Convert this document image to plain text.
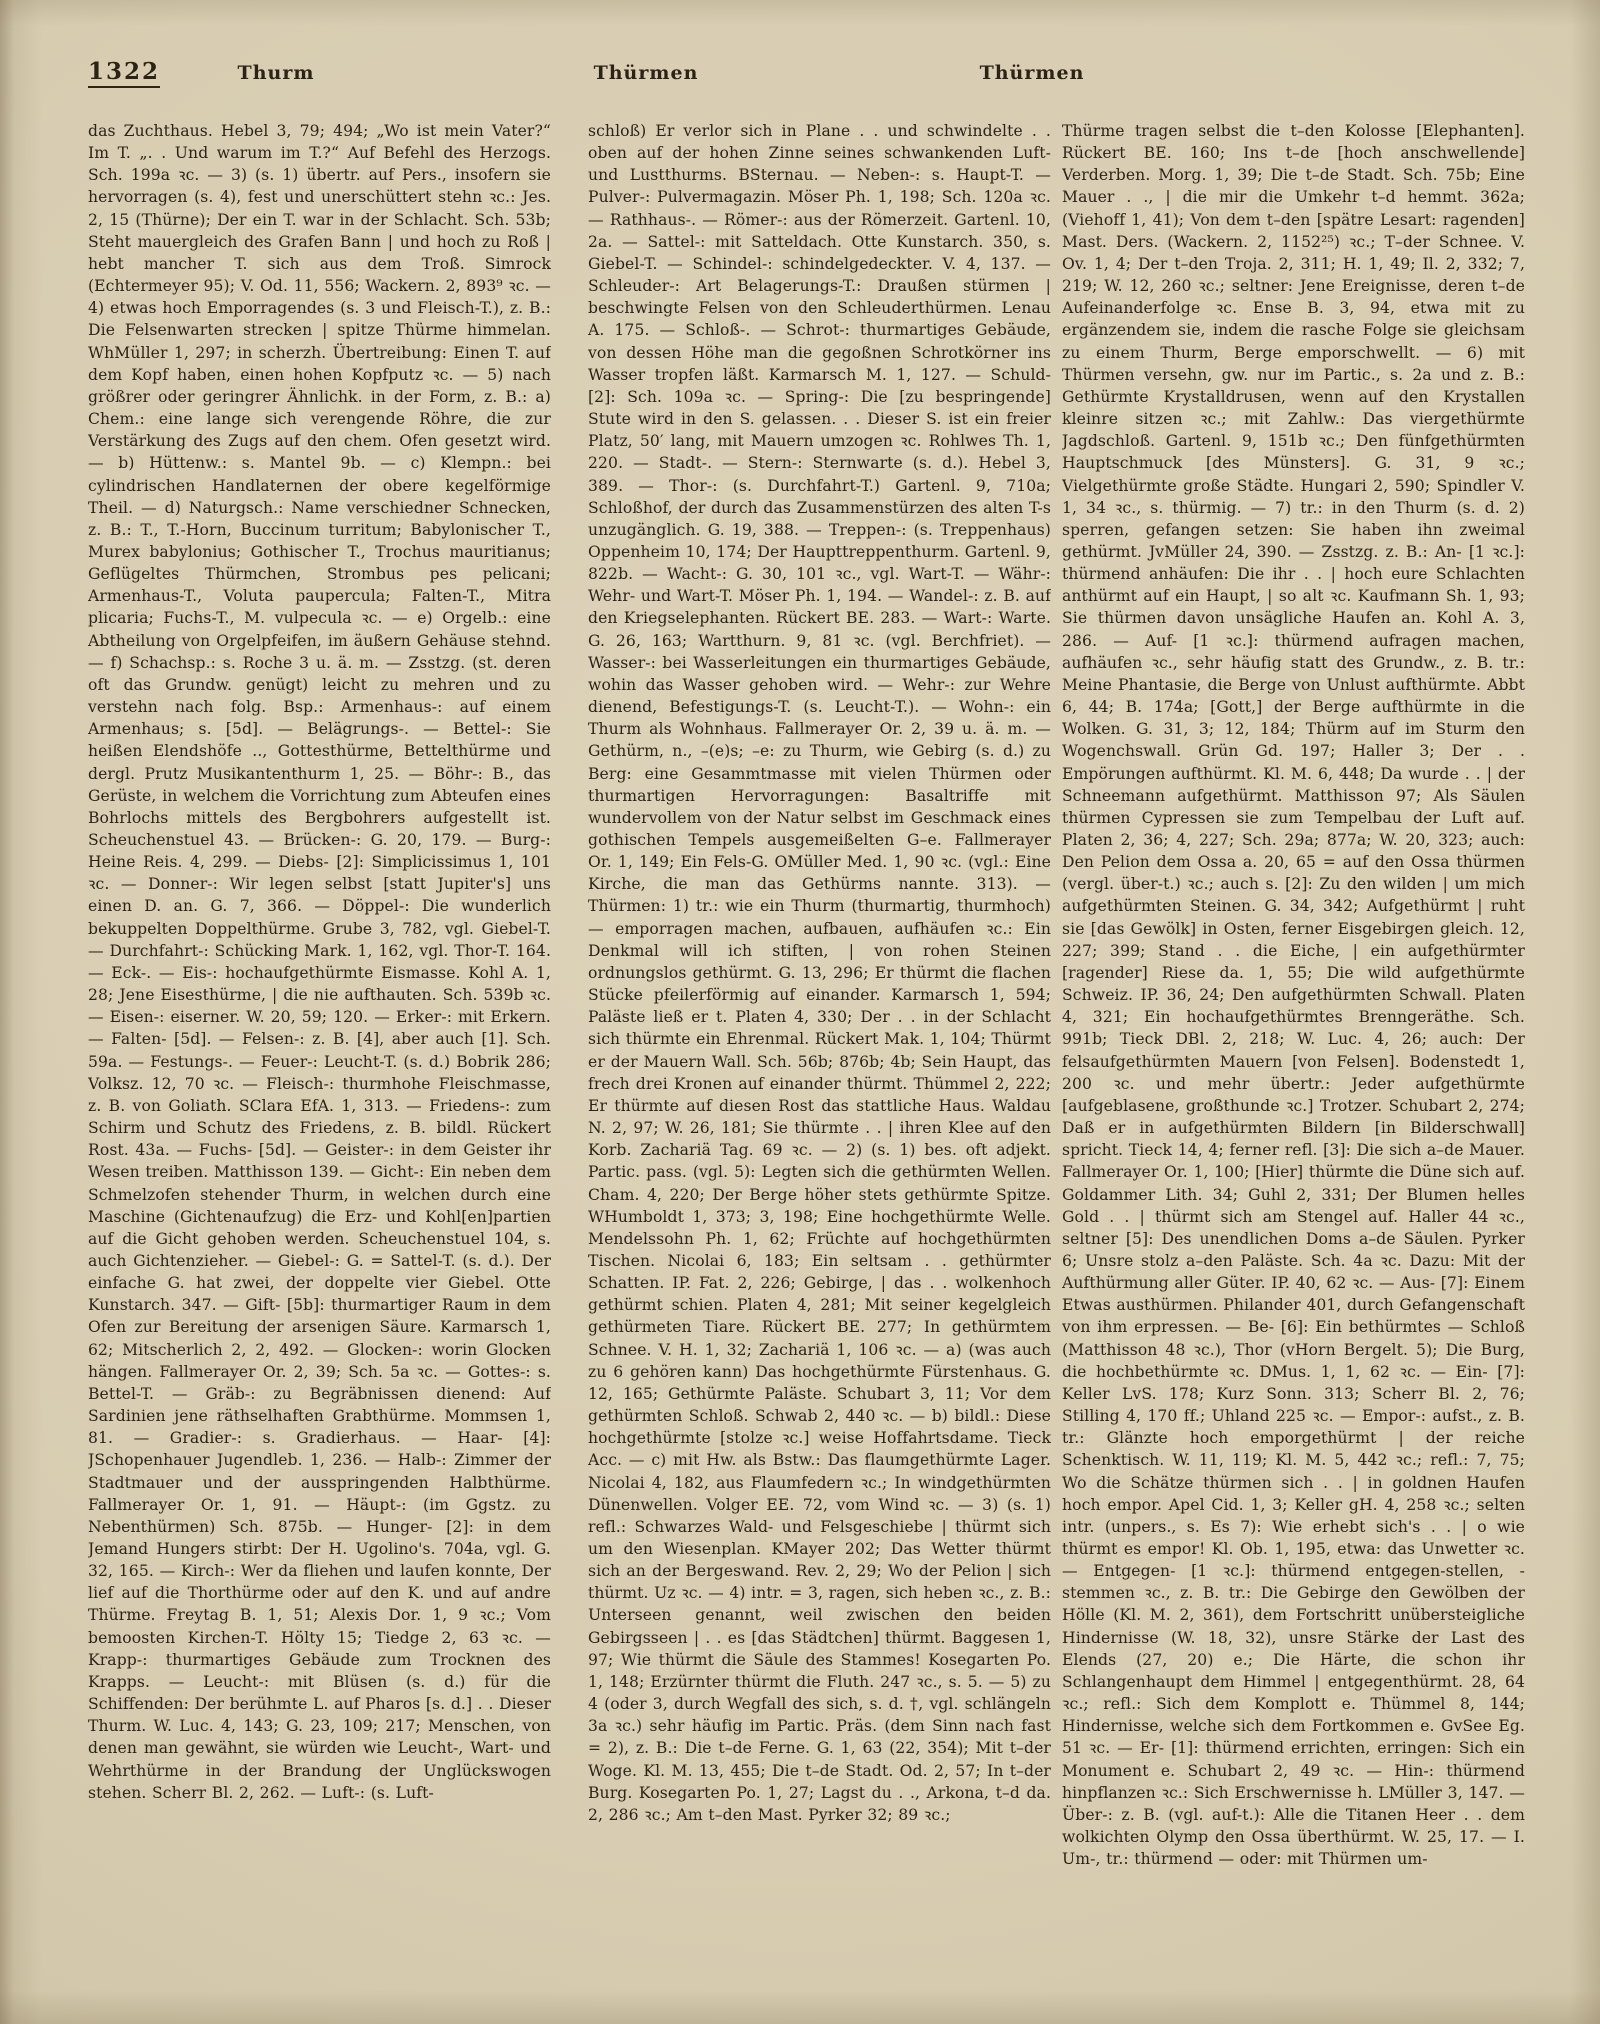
1322	Thurm	Thürmen	Thürmen
das Zuchthaus. Hebel 3, 79; 494; „Wo ist mein Vater?“ Im T. „. . Und warum im T.?“ Auf Befehl des Herzogs. Sch. 199a ꝛc. — 3) (s. 1) übertr. auf Pers., insofern sie hervorragen (s. 4), fest und unerschüttert stehn ꝛc.: Jes. 2, 15 (Thürne); Der ein T. war in der Schlacht. Sch. 53b; Steht mauergleich des Grafen Bann | und hoch zu Roß | hebt mancher T. sich aus dem Troß. Simrock (Echtermeyer 95); V. Od. 11, 556; Wackern. 2, 893⁹ ꝛc. — 4) etwas hoch Emporragendes (s. 3 und Fleisch-T.), z. B.: Die Felsenwarten strecken | spitze Thürme himmelan. WhMüller 1, 297; in scherzh. Übertreibung: Einen T. auf dem Kopf haben, einen hohen Kopfputz ꝛc. — 5) nach größrer oder geringrer Ähnlichk. in der Form, z. B.: a) Chem.: eine lange sich verengende Röhre, die zur Verstärkung des Zugs auf den chem. Ofen gesetzt wird. — b) Hüttenw.: s. Mantel 9b. — c) Klempn.: bei cylindrischen Handlaternen der obere kegelförmige Theil. — d) Naturgsch.: Name verschiedner Schnecken, z. B.: T., T.-Horn, Buccinum turritum; Babylonischer T., Murex babylonius; Gothischer T., Trochus mauritianus; Geflügeltes Thürmchen, Strombus pes pelicani; Armenhaus-T., Voluta paupercula; Falten-T., Mitra plicaria; Fuchs-T., M. vulpecula ꝛc. — e) Orgelb.: eine Abtheilung von Orgelpfeifen, im äußern Gehäuse stehnd. — f) Schachsp.: s. Roche 3 u. ä. m. — Zsstzg. (st. deren oft das Grundw. genügt) leicht zu mehren und zu verstehn nach folg. Bsp.: Armenhaus-: auf einem Armenhaus; s. [5d]. — Belägrungs-. — Bettel-: Sie heißen Elendshöfe .., Gottesthürme, Bettelthürme und dergl. Prutz Musikantenthurm 1, 25. — Böhr-: B., das Gerüste, in welchem die Vorrichtung zum Abteufen eines Bohrlochs mittels des Bergbohrers aufgestellt ist. Scheuchenstuel 43. — Brücken-: G. 20, 179. — Burg-: Heine Reis. 4, 299. — Diebs- [2]: Simplicissimus 1, 101 ꝛc. — Donner-: Wir legen selbst [statt Jupiter's] uns einen D. an. G. 7, 366. — Döppel-: Die wunderlich bekuppelten Doppelthürme. Grube 3, 782, vgl. Giebel-T. — Durchfahrt-: Schücking Mark. 1, 162, vgl. Thor-T. 164. — Eck-. — Eis-: hochaufgethürmte Eismasse. Kohl A. 1, 28; Jene Eisesthürme, | die nie aufthauten. Sch. 539b ꝛc. — Eisen-: eiserner. W. 20, 59; 120. — Erker-: mit Erkern. — Falten- [5d]. — Felsen-: z. B. [4], aber auch [1]. Sch. 59a. — Festungs-. — Feuer-: Leucht-T. (s. d.) Bobrik 286; Volksz. 12, 70 ꝛc. — Fleisch-: thurmhohe Fleischmasse, z. B. von Goliath. SClara EfA. 1, 313. — Friedens-: zum Schirm und Schutz des Friedens, z. B. bildl. Rückert Rost. 43a. — Fuchs- [5d]. — Geister-: in dem Geister ihr Wesen treiben. Matthisson 139. — Gicht-: Ein neben dem Schmelzofen stehender Thurm, in welchen durch eine Maschine (Gichtenaufzug) die Erz- und Kohl[en]partien auf die Gicht gehoben werden. Scheuchenstuel 104, s. auch Gichtenzieher. — Giebel-: G. = Sattel-T. (s. d.). Der einfache G. hat zwei, der doppelte vier Giebel. Otte Kunstarch. 347. — Gift- [5b]: thurmartiger Raum in dem Ofen zur Bereitung der arsenigen Säure. Karmarsch 1, 62; Mitscherlich 2, 2, 492. — Glocken-: worin Glocken hängen. Fallmerayer Or. 2, 39; Sch. 5a ꝛc. — Gottes-: s. Bettel-T. — Gräb-: zu Begräbnissen dienend: Auf Sardinien jene räthselhaften Grabthürme. Mommsen 1, 81. — Gradier-: s. Gradierhaus. — Haar- [4]: JSchopenhauer Jugendleb. 1, 236. — Halb-: Zimmer der Stadtmauer und der ausspringenden Halbthürme. Fallmerayer Or. 1, 91. — Häupt-: (im Ggstz. zu Nebenthürmen) Sch. 875b. — Hunger- [2]: in dem Jemand Hungers stirbt: Der H. Ugolino's. 704a, vgl. G. 32, 165. — Kirch-: Wer da fliehen und laufen konnte, Der lief auf die Thorthürme oder auf den K. und auf andre Thürme. Freytag B. 1, 51; Alexis Dor. 1, 9 ꝛc.; Vom bemoosten Kirchen-T. Hölty 15; Tiedge 2, 63 ꝛc. — Krapp-: thurmartiges Gebäude zum Trocknen des Krapps. — Leucht-: mit Blüsen (s. d.) für die Schiffenden: Der berühmte L. auf Pharos [s. d.] . . Dieser Thurm. W. Luc. 4, 143; G. 23, 109; 217; Menschen, von denen man gewähnt, sie würden wie Leucht-, Wart- und Wehrthürme in der Brandung der Unglückswogen stehen. Scherr Bl. 2, 262. — Luft-: (s. Luft-
schloß) Er verlor sich in Plane . . und schwindelte . . oben auf der hohen Zinne seines schwankenden Luft- und Lustthurms. BSternau. — Neben-: s. Haupt-T. — Pulver-: Pulvermagazin. Möser Ph. 1, 198; Sch. 120a ꝛc. — Rathhaus-. — Römer-: aus der Römerzeit. Gartenl. 10, 2a. — Sattel-: mit Satteldach. Otte Kunstarch. 350, s. Giebel-T. — Schindel-: schindelgedeckter. V. 4, 137. — Schleuder-: Art Belagerungs-T.: Draußen stürmen | beschwingte Felsen von den Schleuderthürmen. Lenau A. 175. — Schloß-. — Schrot-: thurmartiges Gebäude, von dessen Höhe man die gegoßnen Schrotkörner ins Wasser tropfen läßt. Karmarsch M. 1, 127. — Schuld- [2]: Sch. 109a ꝛc. — Spring-: Die [zu bespringende] Stute wird in den S. gelassen. . . Dieser S. ist ein freier Platz, 50′ lang, mit Mauern umzogen ꝛc. Rohlwes Th. 1, 220. — Stadt-. — Stern-: Sternwarte (s. d.). Hebel 3, 389. — Thor-: (s. Durchfahrt-T.) Gartenl. 9, 710a; Schloßhof, der durch das Zusammenstürzen des alten T-s unzugänglich. G. 19, 388. — Treppen-: (s. Treppenhaus) Oppenheim 10, 174; Der Haupttreppenthurm. Gartenl. 9, 822b. — Wacht-: G. 30, 101 ꝛc., vgl. Wart-T. — Währ-: Wehr- und Wart-T. Möser Ph. 1, 194. — Wandel-: z. B. auf den Kriegselephanten. Rückert BE. 283. — Wart-: Warte. G. 26, 163; Wartthurn. 9, 81 ꝛc. (vgl. Berchfriet). — Wasser-: bei Wasserleitungen ein thurmartiges Gebäude, wohin das Wasser gehoben wird. — Wehr-: zur Wehre dienend, Befestigungs-T. (s. Leucht-T.). — Wohn-: ein Thurm als Wohnhaus. Fallmerayer Or. 2, 39 u. ä. m. — Gethürm, n., –(e)s; –e: zu Thurm, wie Gebirg (s. d.) zu Berg: eine Gesammtmasse mit vielen Thürmen oder thurmartigen Hervorragungen: Basaltriffe mit wundervollem von der Natur selbst im Geschmack eines gothischen Tempels ausgemeißelten G–e. Fallmerayer Or. 1, 149; Ein Fels-G. OMüller Med. 1, 90 ꝛc. (vgl.: Eine Kirche, die man das Gethürms nannte. 313). — Thürmen: 1) tr.: wie ein Thurm (thurmartig, thurmhoch) — emporragen machen, aufbauen, aufhäufen ꝛc.: Ein Denkmal will ich stiften, | von rohen Steinen ordnungslos gethürmt. G. 13, 296; Er thürmt die flachen Stücke pfeilerförmig auf einander. Karmarsch 1, 594; Paläste ließ er t. Platen 4, 330; Der . . in der Schlacht sich thürmte ein Ehrenmal. Rückert Mak. 1, 104; Thürmt er der Mauern Wall. Sch. 56b; 876b; 4b; Sein Haupt, das frech drei Kronen auf einander thürmt. Thümmel 2, 222; Er thürmte auf diesen Rost das stattliche Haus. Waldau N. 2, 97; W. 26, 181; Sie thürmte . . | ihren Klee auf den Korb. Zachariä Tag. 69 ꝛc. — 2) (s. 1) bes. oft adjekt. Partic. pass. (vgl. 5): Legten sich die gethürmten Wellen. Cham. 4, 220; Der Berge höher stets gethürmte Spitze. WHumboldt 1, 373; 3, 198; Eine hochgethürmte Welle. Mendelssohn Ph. 1, 62; Früchte auf hochgethürmten Tischen. Nicolai 6, 183; Ein seltsam . . gethürmter Schatten. IP. Fat. 2, 226; Gebirge, | das . . wolkenhoch gethürmt schien. Platen 4, 281; Mit seiner kegelgleich gethürmeten Tiare. Rückert BE. 277; In gethürmtem Schnee. V. H. 1, 32; Zachariä 1, 106 ꝛc. — a) (was auch zu 6 gehören kann) Das hochgethürmte Fürstenhaus. G. 12, 165; Gethürmte Paläste. Schubart 3, 11; Vor dem gethürmten Schloß. Schwab 2, 440 ꝛc. — b) bildl.: Diese hochgethürmte [stolze ꝛc.] weise Hoffahrtsdame. Tieck Acc. — c) mit Hw. als Bstw.: Das flaumgethürmte Lager. Nicolai 4, 182, aus Flaumfedern ꝛc.; In windgethürmten Dünenwellen. Volger EE. 72, vom Wind ꝛc. — 3) (s. 1) refl.: Schwarzes Wald- und Felsgeschiebe | thürmt sich um den Wiesenplan. KMayer 202; Das Wetter thürmt sich an der Bergeswand. Rev. 2, 29; Wo der Pelion | sich thürmt. Uz ꝛc. — 4) intr. = 3, ragen, sich heben ꝛc., z. B.: Unterseen genannt, weil zwischen den beiden Gebirgsseen | . . es [das Städtchen] thürmt. Baggesen 1, 97; Wie thürmt die Säule des Stammes! Kosegarten Po. 1, 148; Erzürnter thürmt die Fluth. 247 ꝛc., s. 5. — 5) zu 4 (oder 3, durch Wegfall des sich, s. d. †, vgl. schlängeln 3a ꝛc.) sehr häufig im Partic. Präs. (dem Sinn nach fast = 2), z. B.: Die t–de Ferne. G. 1, 63 (22, 354); Mit t–der Woge. Kl. M. 13, 455; Die t–de Stadt. Od. 2, 57; In t–der Burg. Kosegarten Po. 1, 27; Lagst du . ., Arkona, t–d da. 2, 286 ꝛc.; Am t–den Mast. Pyrker 32; 89 ꝛc.;
Thürme tragen selbst die t–den Kolosse [Elephanten]. Rückert BE. 160; Ins t–de [hoch anschwellende] Verderben. Morg. 1, 39; Die t–de Stadt. Sch. 75b; Eine Mauer . ., | die mir die Umkehr t–d hemmt. 362a; (Viehoff 1, 41); Von dem t–den [spätre Lesart: ragenden] Mast. Ders. (Wackern. 2, 1152²⁵) ꝛc.; T–der Schnee. V. Ov. 1, 4; Der t–den Troja. 2, 311; H. 1, 49; Il. 2, 332; 7, 219; W. 12, 260 ꝛc.; seltner: Jene Ereignisse, deren t–de Aufeinanderfolge ꝛc. Ense B. 3, 94, etwa mit zu ergänzendem sie, indem die rasche Folge sie gleichsam zu einem Thurm, Berge emporschwellt. — 6) mit Thürmen versehn, gw. nur im Partic., s. 2a und z. B.: Gethürmte Krystalldrusen, wenn auf den Krystallen kleinre sitzen ꝛc.; mit Zahlw.: Das viergethürmte Jagdschloß. Gartenl. 9, 151b ꝛc.; Den fünfgethürmten Hauptschmuck [des Münsters]. G. 31, 9 ꝛc.; Vielgethürmte große Städte. Hungari 2, 590; Spindler V. 1, 34 ꝛc., s. thürmig. — 7) tr.: in den Thurm (s. d. 2) sperren, gefangen setzen: Sie haben ihn zweimal gethürmt. JvMüller 24, 390. — Zsstzg. z. B.: An- [1 ꝛc.]: thürmend anhäufen: Die ihr . . | hoch eure Schlachten anthürmt auf ein Haupt, | so alt ꝛc. Kaufmann Sh. 1, 93; Sie thürmen davon unsägliche Haufen an. Kohl A. 3, 286. — Auf- [1 ꝛc.]: thürmend aufragen machen, aufhäufen ꝛc., sehr häufig statt des Grundw., z. B. tr.: Meine Phantasie, die Berge von Unlust aufthürmte. Abbt 6, 44; B. 174a; [Gott,] der Berge aufthürmte in die Wolken. G. 31, 3; 12, 184; Thürm auf im Sturm den Wogenchswall. Grün Gd. 197; Haller 3; Der . . Empörungen aufthürmt. Kl. M. 6, 448; Da wurde . . | der Schneemann aufgethürmt. Matthisson 97; Als Säulen thürmen Cypressen sie zum Tempelbau der Luft auf. Platen 2, 36; 4, 227; Sch. 29a; 877a; W. 20, 323; auch: Den Pelion dem Ossa a. 20, 65 = auf den Ossa thürmen (vergl. über-t.) ꝛc.; auch s. [2]: Zu den wilden | um mich aufgethürmten Steinen. G. 34, 342; Aufgethürmt | ruht sie [das Gewölk] in Osten, ferner Eisgebirgen gleich. 12, 227; 399; Stand . . die Eiche, | ein aufgethürmter [ragender] Riese da. 1, 55; Die wild aufgethürmte Schweiz. IP. 36, 24; Den aufgethürmten Schwall. Platen 4, 321; Ein hochaufgethürmtes Brenngeräthe. Sch. 991b; Tieck DBl. 2, 218; W. Luc. 4, 26; auch: Der felsaufgethürmten Mauern [von Felsen]. Bodenstedt 1, 200 ꝛc. und mehr übertr.: Jeder aufgethürmte [aufgeblasene, großthunde ꝛc.] Trotzer. Schubart 2, 274; Daß er in aufgethürmten Bildern [in Bilderschwall] spricht. Tieck 14, 4; ferner refl. [3]: Die sich a–de Mauer. Fallmerayer Or. 1, 100; [Hier] thürmte die Düne sich auf. Goldammer Lith. 34; Guhl 2, 331; Der Blumen helles Gold . . | thürmt sich am Stengel auf. Haller 44 ꝛc., seltner [5]: Des unendlichen Doms a–de Säulen. Pyrker 6; Unsre stolz a–den Paläste. Sch. 4a ꝛc. Dazu: Mit der Aufthürmung aller Güter. IP. 40, 62 ꝛc. — Aus- [7]: Einem Etwas austhürmen. Philander 401, durch Gefangenschaft von ihm erpressen. — Be- [6]: Ein bethürmtes — Schloß (Matthisson 48 ꝛc.), Thor (vHorn Bergelt. 5); Die Burg, die hochbethürmte ꝛc. DMus. 1, 1, 62 ꝛc. — Ein- [7]: Keller LvS. 178; Kurz Sonn. 313; Scherr Bl. 2, 76; Stilling 4, 170 ff.; Uhland 225 ꝛc. — Empor-: aufst., z. B. tr.: Glänzte hoch emporgethürmt | der reiche Schenktisch. W. 11, 119; Kl. M. 5, 442 ꝛc.; refl.: 7, 75; Wo die Schätze thürmen sich . . | in goldnen Haufen hoch empor. Apel Cid. 1, 3; Keller gH. 4, 258 ꝛc.; selten intr. (unpers., s. Es 7): Wie erhebt sich's . . | o wie thürmt es empor! Kl. Ob. 1, 195, etwa: das Unwetter ꝛc. — Entgegen- [1 ꝛc.]: thürmend entgegen-stellen, -stemmen ꝛc., z. B. tr.: Die Gebirge den Gewölben der Hölle (Kl. M. 2, 361), dem Fortschritt unübersteigliche Hindernisse (W. 18, 32), unsre Stärke der Last des Elends (27, 20) e.; Die Härte, die schon ihr Schlangenhaupt dem Himmel | entgegenthürmt. 28, 64 ꝛc.; refl.: Sich dem Komplott e. Thümmel 8, 144; Hindernisse, welche sich dem Fortkommen e. GvSee Eg. 51 ꝛc. — Er- [1]: thürmend errichten, erringen: Sich ein Monument e. Schubart 2, 49 ꝛc. — Hin-: thürmend hinpflanzen ꝛc.: Sich Erschwernisse h. LMüller 3, 147. — Über-: z. B. (vgl. auf-t.): Alle die Titanen Heer . . dem wolkichten Olymp den Ossa überthürmt. W. 25, 17. — I. Um-, tr.: thürmend — oder: mit Thürmen um-
